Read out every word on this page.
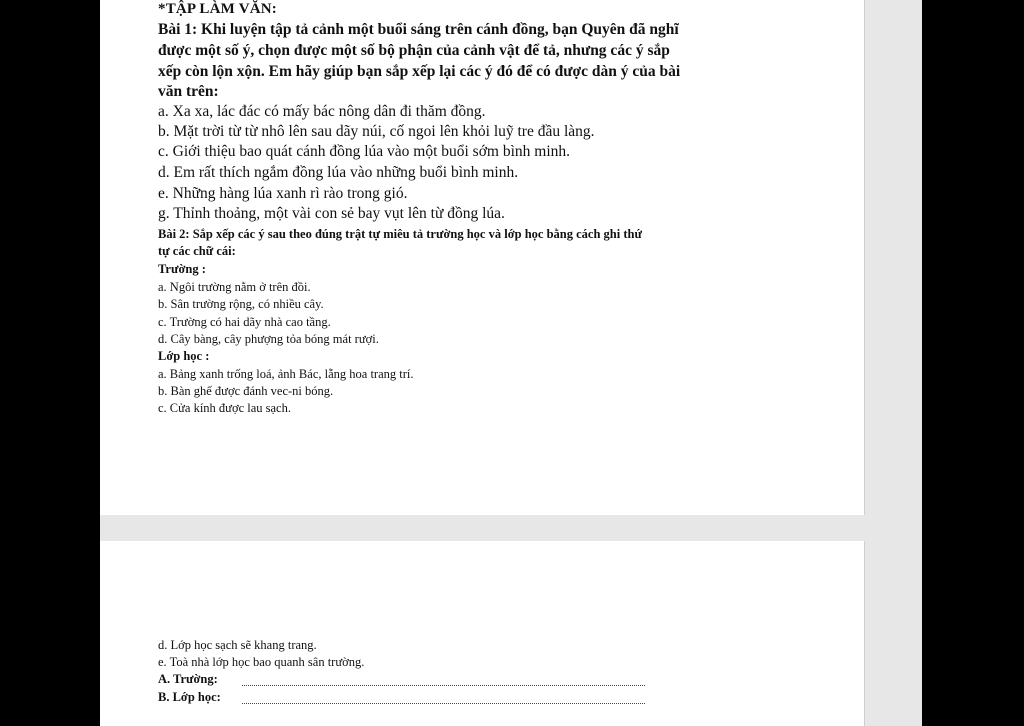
*TẬP LÀM VĂN:
Bài 1: Khi luyện tập tả cảnh một buổi sáng trên cánh đồng, bạn Quyên đã nghĩ
được một số ý, chọn được một số bộ phận của cảnh vật để tả, nhưng các ý sắp
xếp còn lộn xộn. Em hãy giúp bạn sắp xếp lại các ý đó để có được dàn ý của bài
văn trên:
a. Xa xa, lác đác có mấy bác nông dân đi thăm đồng.
b. Mặt trời từ từ nhô lên sau dãy núi, cố ngoi lên khỏi luỹ tre đầu làng.
c. Giới thiệu bao quát cánh đồng lúa vào một buổi sớm bình minh.
d. Em rất thích ngắm đồng lúa vào những buổi bình minh.
e. Những hàng lúa xanh rì rào trong gió.
g. Thỉnh thoảng, một vài con sẻ bay vụt lên từ đồng lúa.
Bài 2: Sắp xếp các ý sau theo đúng trật tự miêu tả trường học và lớp học bằng cách ghi thứ
tự các chữ cái:
Trường :
a. Ngôi trường nằm ở trên đồi.
b. Sân trường rộng, có nhiều cây.
c. Trường có hai dãy nhà cao tầng.
d. Cây bàng, cây phượng tỏa bóng mát rượi.
Lớp học :
a. Bảng xanh trống loá, ảnh Bác, lẵng hoa trang trí.
b. Bàn ghế được đánh vec-ni bóng.
c. Cửa kính được lau sạch.
d. Lớp học sạch sẽ khang trang.
e. Toà nhà lớp học bao quanh sân trường.
A. Trường:
B. Lớp học:
